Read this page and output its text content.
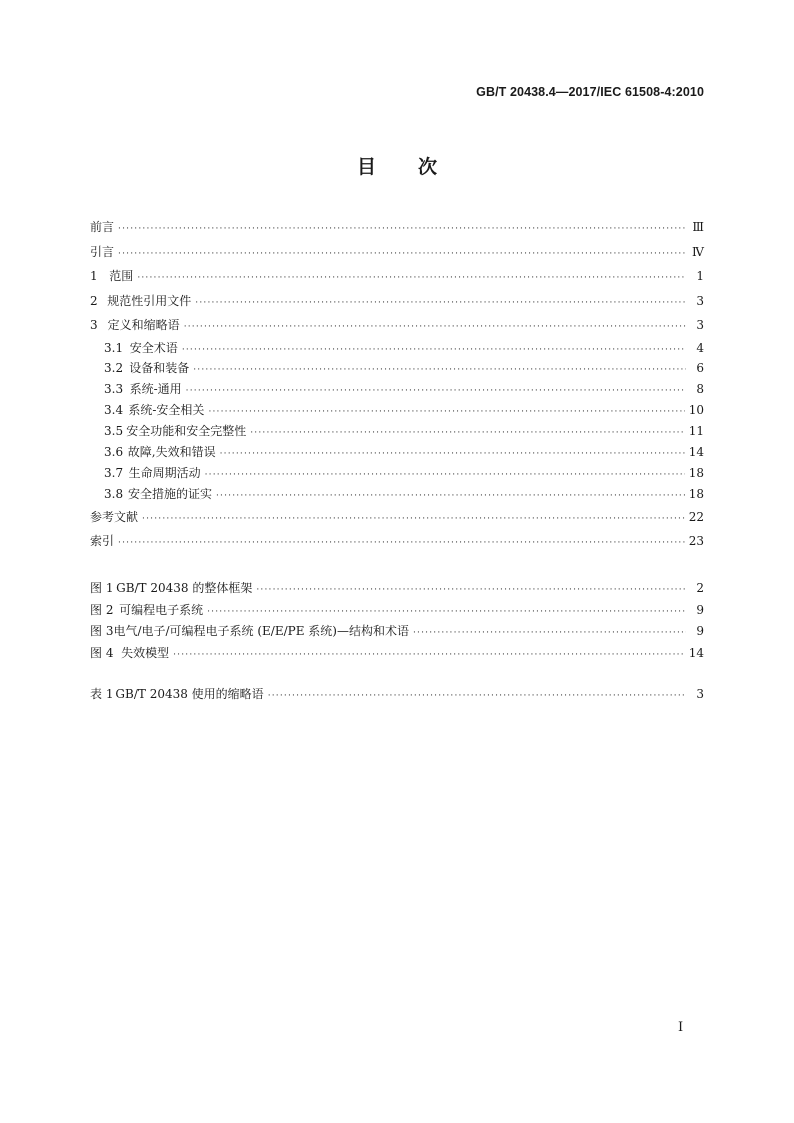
GB/T 20438.4—2017/IEC 61508-4:2010
目 次
前言 ·····	Ⅲ
引言 ·····	Ⅳ
1 范围 ·····	1
2 规范性引用文件 ·····	3
3 定义和缩略语 ·····	3
3.1 安全术语 ·····	4
3.2 设备和装备 ·····	6
3.3 系统-通用 ·····	8
3.4 系统-安全相关 ·····	10
3.5 安全功能和安全完整性 ·····	11
3.6 故障,失效和错误 ·····	14
3.7 生命周期活动 ·····	18
3.8 安全措施的证实 ·····	18
参考文献 ·····	22
索引 ·····	23
图 1 GB/T 20438 的整体框架 ·····	2
图 2 可编程电子系统 ·····	9
图 3 电气/电子/可编程电子系统 (E/E/PE 系统)—结构和术语 ·····	9
图 4 失效模型 ·····	14
表 1 GB/T 20438 使用的缩略语 ·····	3
I
